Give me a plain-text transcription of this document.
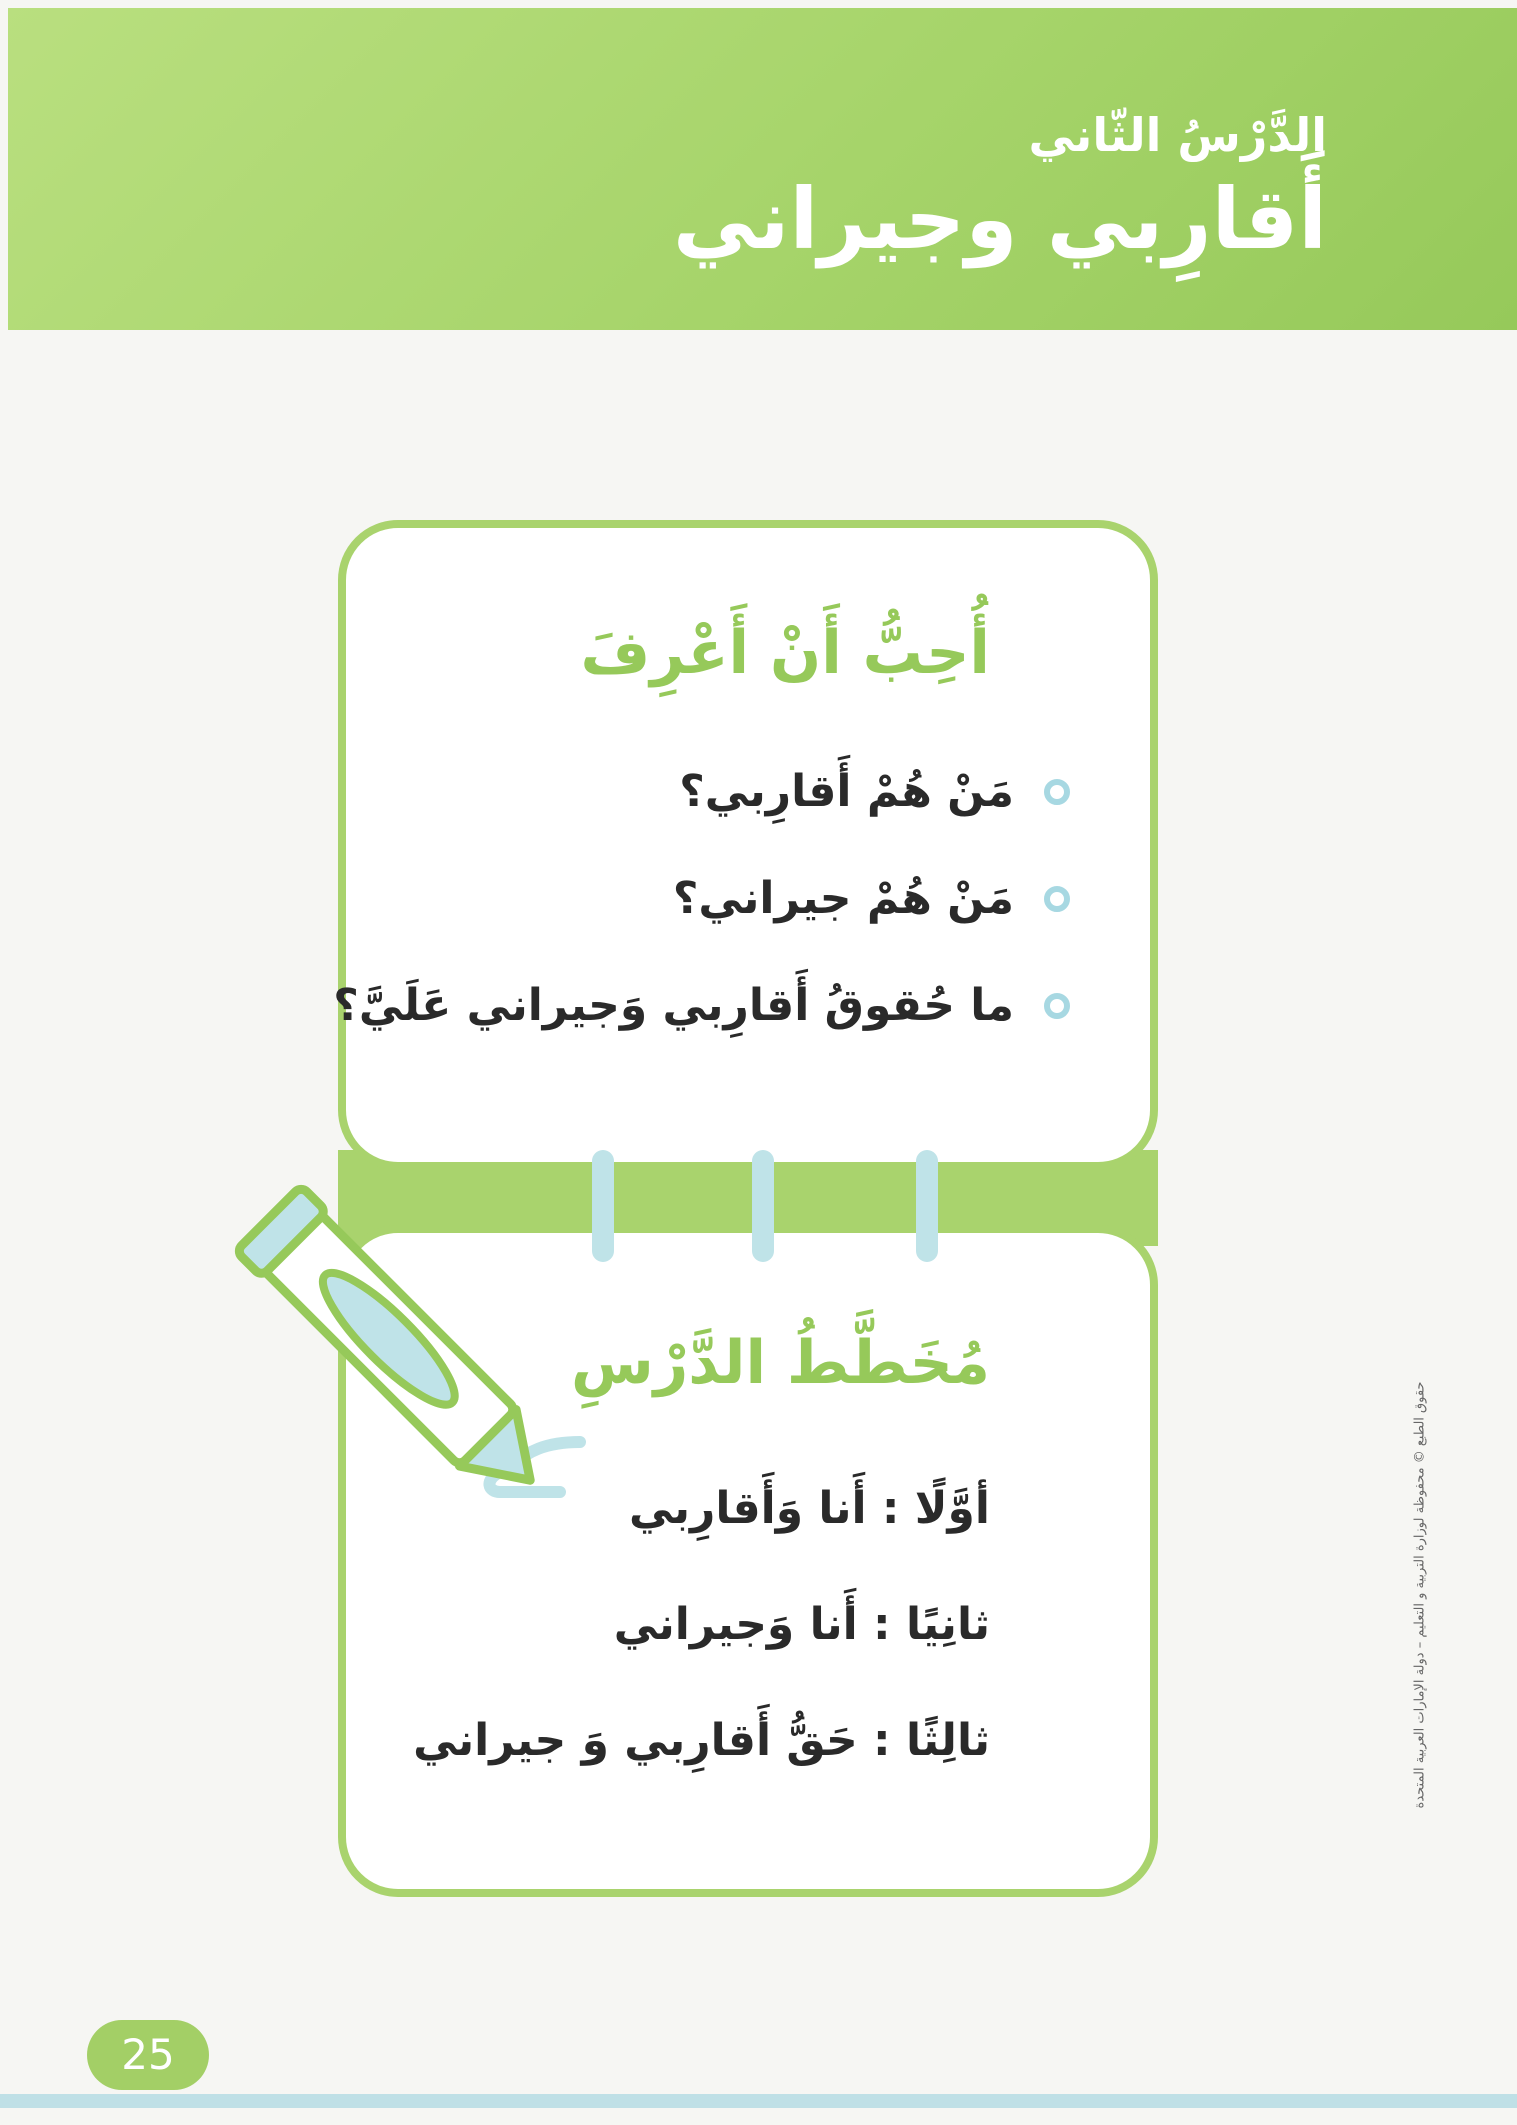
الدَّرْسُ الثّاني

أَقارِبي وجيراني

أُحِبُّ أَنْ أَعْرِفَ

مَنْ هُمْ أَقارِبي؟
مَنْ هُمْ جيراني؟
ما حُقوقُ أَقارِبي وَجيراني عَلَيَّ؟

مُخَطَّطُ الدَّرْسِ

أوَّلًا : أَنا وَأَقارِبي

ثانِيًا : أَنا وَجيراني

ثالِثًا : حَقُّ أَقارِبي وَ جيراني	حقوق الطبع © محفوظة لوزارة التربية و التعليم – دولة الإمارات العربية المتحدة
25
